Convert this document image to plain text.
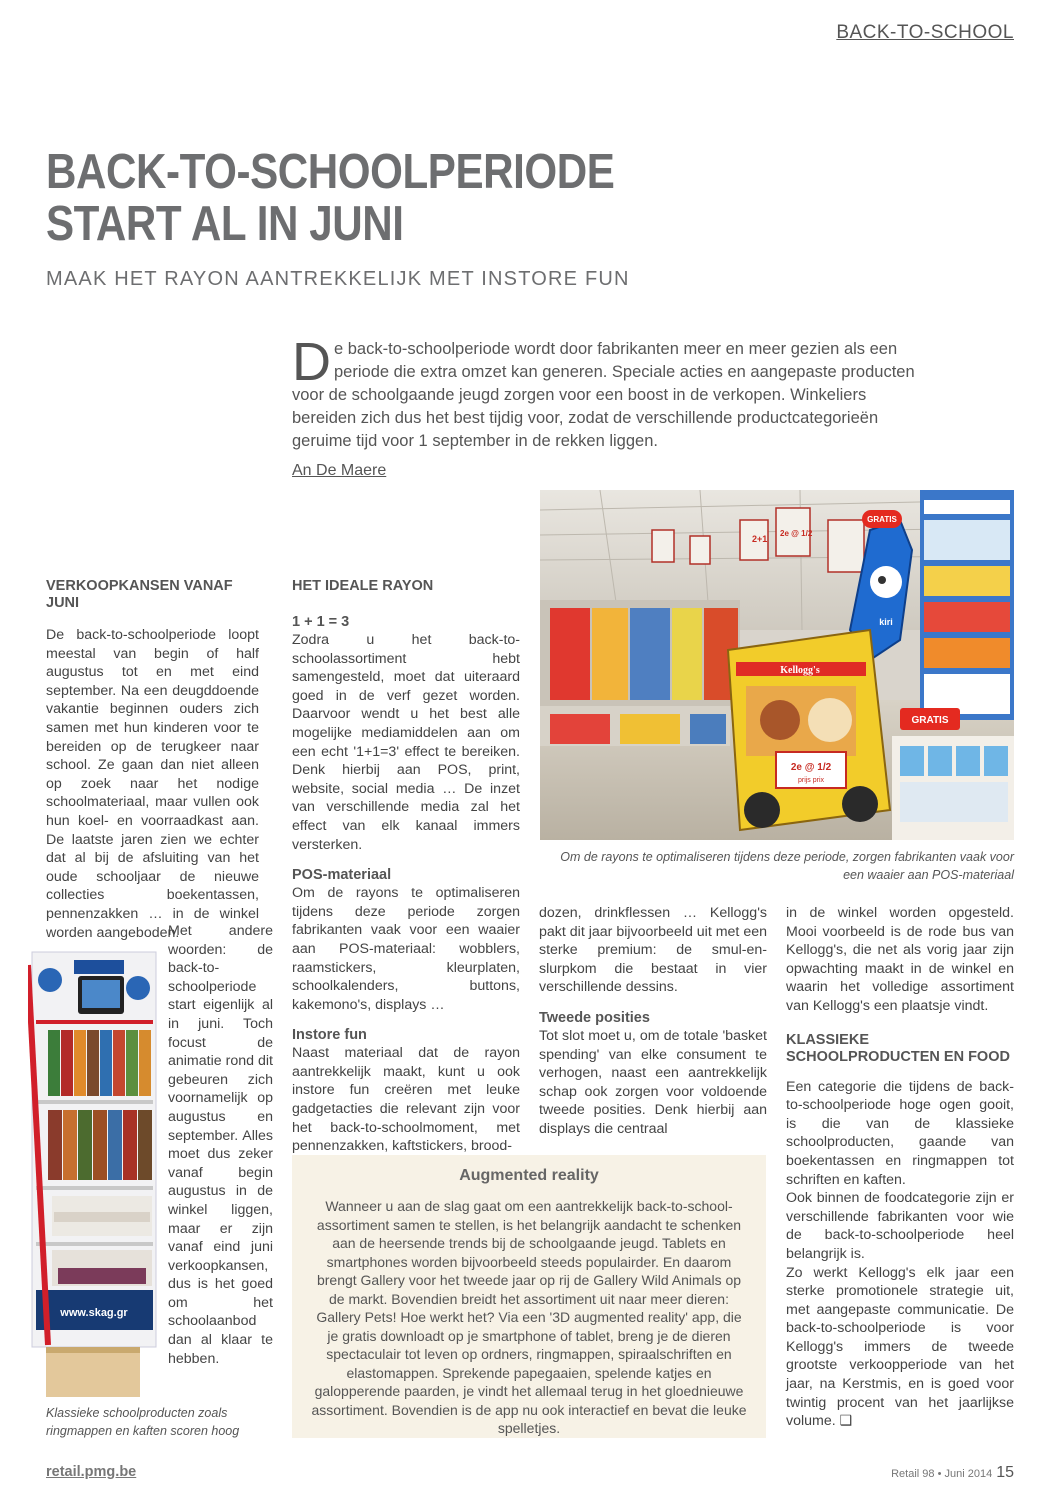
BACK-TO-SCHOOL
BACK-TO-SCHOOLPERIODE
START AL IN JUNI
MAAK HET RAYON AANTREKKELIJK MET INSTORE FUN
De back-to-schoolperiode wordt door fabrikanten meer en meer gezien als een periode die extra omzet kan generen. Speciale acties en aangepaste producten voor de schoolgaande jeugd zorgen voor een boost in de verkopen. Winkeliers bereiden zich dus het best tijdig voor, zodat de verschillende productcategorieën geruime tijd voor 1 september in de rekken liggen.
An De Maere
VERKOOPKANSEN VANAF JUNI

De back-to-schoolperiode loopt meestal van begin of half augustus tot en met eind september. Na een deugddoende vakantie beginnen ouders zich samen met hun kinderen voor te bereiden op de terugkeer naar school. Ze gaan dan niet alleen op zoek naar het nodige schoolmateriaal, maar vullen ook hun koel- en voorraadkast aan. De laatste jaren zien we echter dat al bij de afsluiting van het oude schooljaar de nieuwe collecties boekentassen, pennenzakken … in de winkel worden aangeboden.

Met andere woorden: de back-to-schoolperiode start eigenlijk al in juni. Toch focust de animatie rond dit gebeuren zich voornamelijk op augustus en september. Alles moet dus zeker vanaf begin augustus in de winkel liggen, maar er zijn vanaf eind juni verkoopkansen, dus is het goed om het schoolaanbod dan al klaar te hebben.

www.skag.gr
Klassieke schoolproducten zoals ringmappen en kaften scoren hoog
HET IDEALE RAYON
1 + 1 = 3

Zodra u het back-to-schoolassortiment hebt samengesteld, moet dat uiteraard goed in de verf gezet worden. Daarvoor wendt u het best alle mogelijke mediamiddelen aan om een echt '1+1=3' effect te bereiken. Denk hierbij aan POS, print, website, social media … De inzet van verschillende media zal het effect van elk kanaal immers versterken.

POS-materiaal

Om de rayons te optimaliseren tijdens deze periode zorgen fabrikanten vaak voor een waaier aan POS-materiaal: wobblers, raamstickers, kleurplaten, schoolkalenders, buttons, kakemono's, displays …

Instore fun

Naast materiaal dat de rayon aantrekkelijk maakt, kunt u ook instore fun creëren met leuke gadgetacties die relevant zijn voor het back-to-schoolmoment, met pennenzakken, kaftstickers, brood-

dozen, drinkflessen … Kellogg's pakt dit jaar bijvoorbeeld uit met een sterke premium: de smul-en-slurpkom die bestaat in vier verschillende dessins.

Tweede posities

Tot slot moet u, om de totale 'basket spending' van elke consument te verhogen, naast een aantrekkelijk schap ook zorgen voor voldoende tweede posities. Denk hierbij aan displays die centraal

in de winkel worden opgesteld. Mooi voorbeeld is de rode bus van Kellogg's, die net als vorig jaar zijn opwachting maakt in de winkel en waarin het volledige assortiment van Kellogg's een plaatsje vindt.

KLASSIEKE SCHOOLPRODUCTEN EN FOOD

Een categorie die tijdens de back-to-schoolperiode hoge ogen gooit, is die van de klassieke schoolproducten, gaande van boekentassen en ringmappen tot schriften en kaften.

Ook binnen de foodcategorie zijn er verschillende fabrikanten voor wie de back-to-schoolperiode heel belangrijk is.

Zo werkt Kellogg's elk jaar een sterke promotionele strategie uit, met aangepaste communicatie. De back-to-schoolperiode is voor Kellogg's immers de tweede grootste verkoopperiode van het jaar, na Kerstmis, en is goed voor twintig procent van het jaarlijkse volume. ❑

2+1
2e @ 1/2
GRATIS
kiri
Kellogg's
2e @ 1/2
prijs prix
GRATIS
Om de rayons te optimaliseren tijdens deze periode, zorgen fabrikanten vaak voor een waaier aan POS-materiaal
Augmented reality

Wanneer u aan de slag gaat om een aantrekkelijk back-to-school-assortiment samen te stellen, is het belangrijk aandacht te schenken aan de heersende trends bij de schoolgaande jeugd. Tablets en smartphones worden bijvoorbeeld steeds populairder. En daarom brengt Gallery voor het tweede jaar op rij de Gallery Wild Animals op de markt. Bovendien breidt het assortiment uit naar meer dieren: Gallery Pets! Hoe werkt het? Via een '3D augmented reality' app, die je gratis downloadt op je smartphone of tablet, breng je de dieren spectaculair tot leven op ordners, ringmappen, spiraalschriften en elastomappen. Sprekende papegaaien, spelende katjes en galopperende paarden, je vindt het allemaal terug in het gloednieuwe assortiment. Bovendien is de app nu ook interactief en bevat die leuke spelletjes.

retail.pmg.be	Retail 98 • Juni 2014 15
